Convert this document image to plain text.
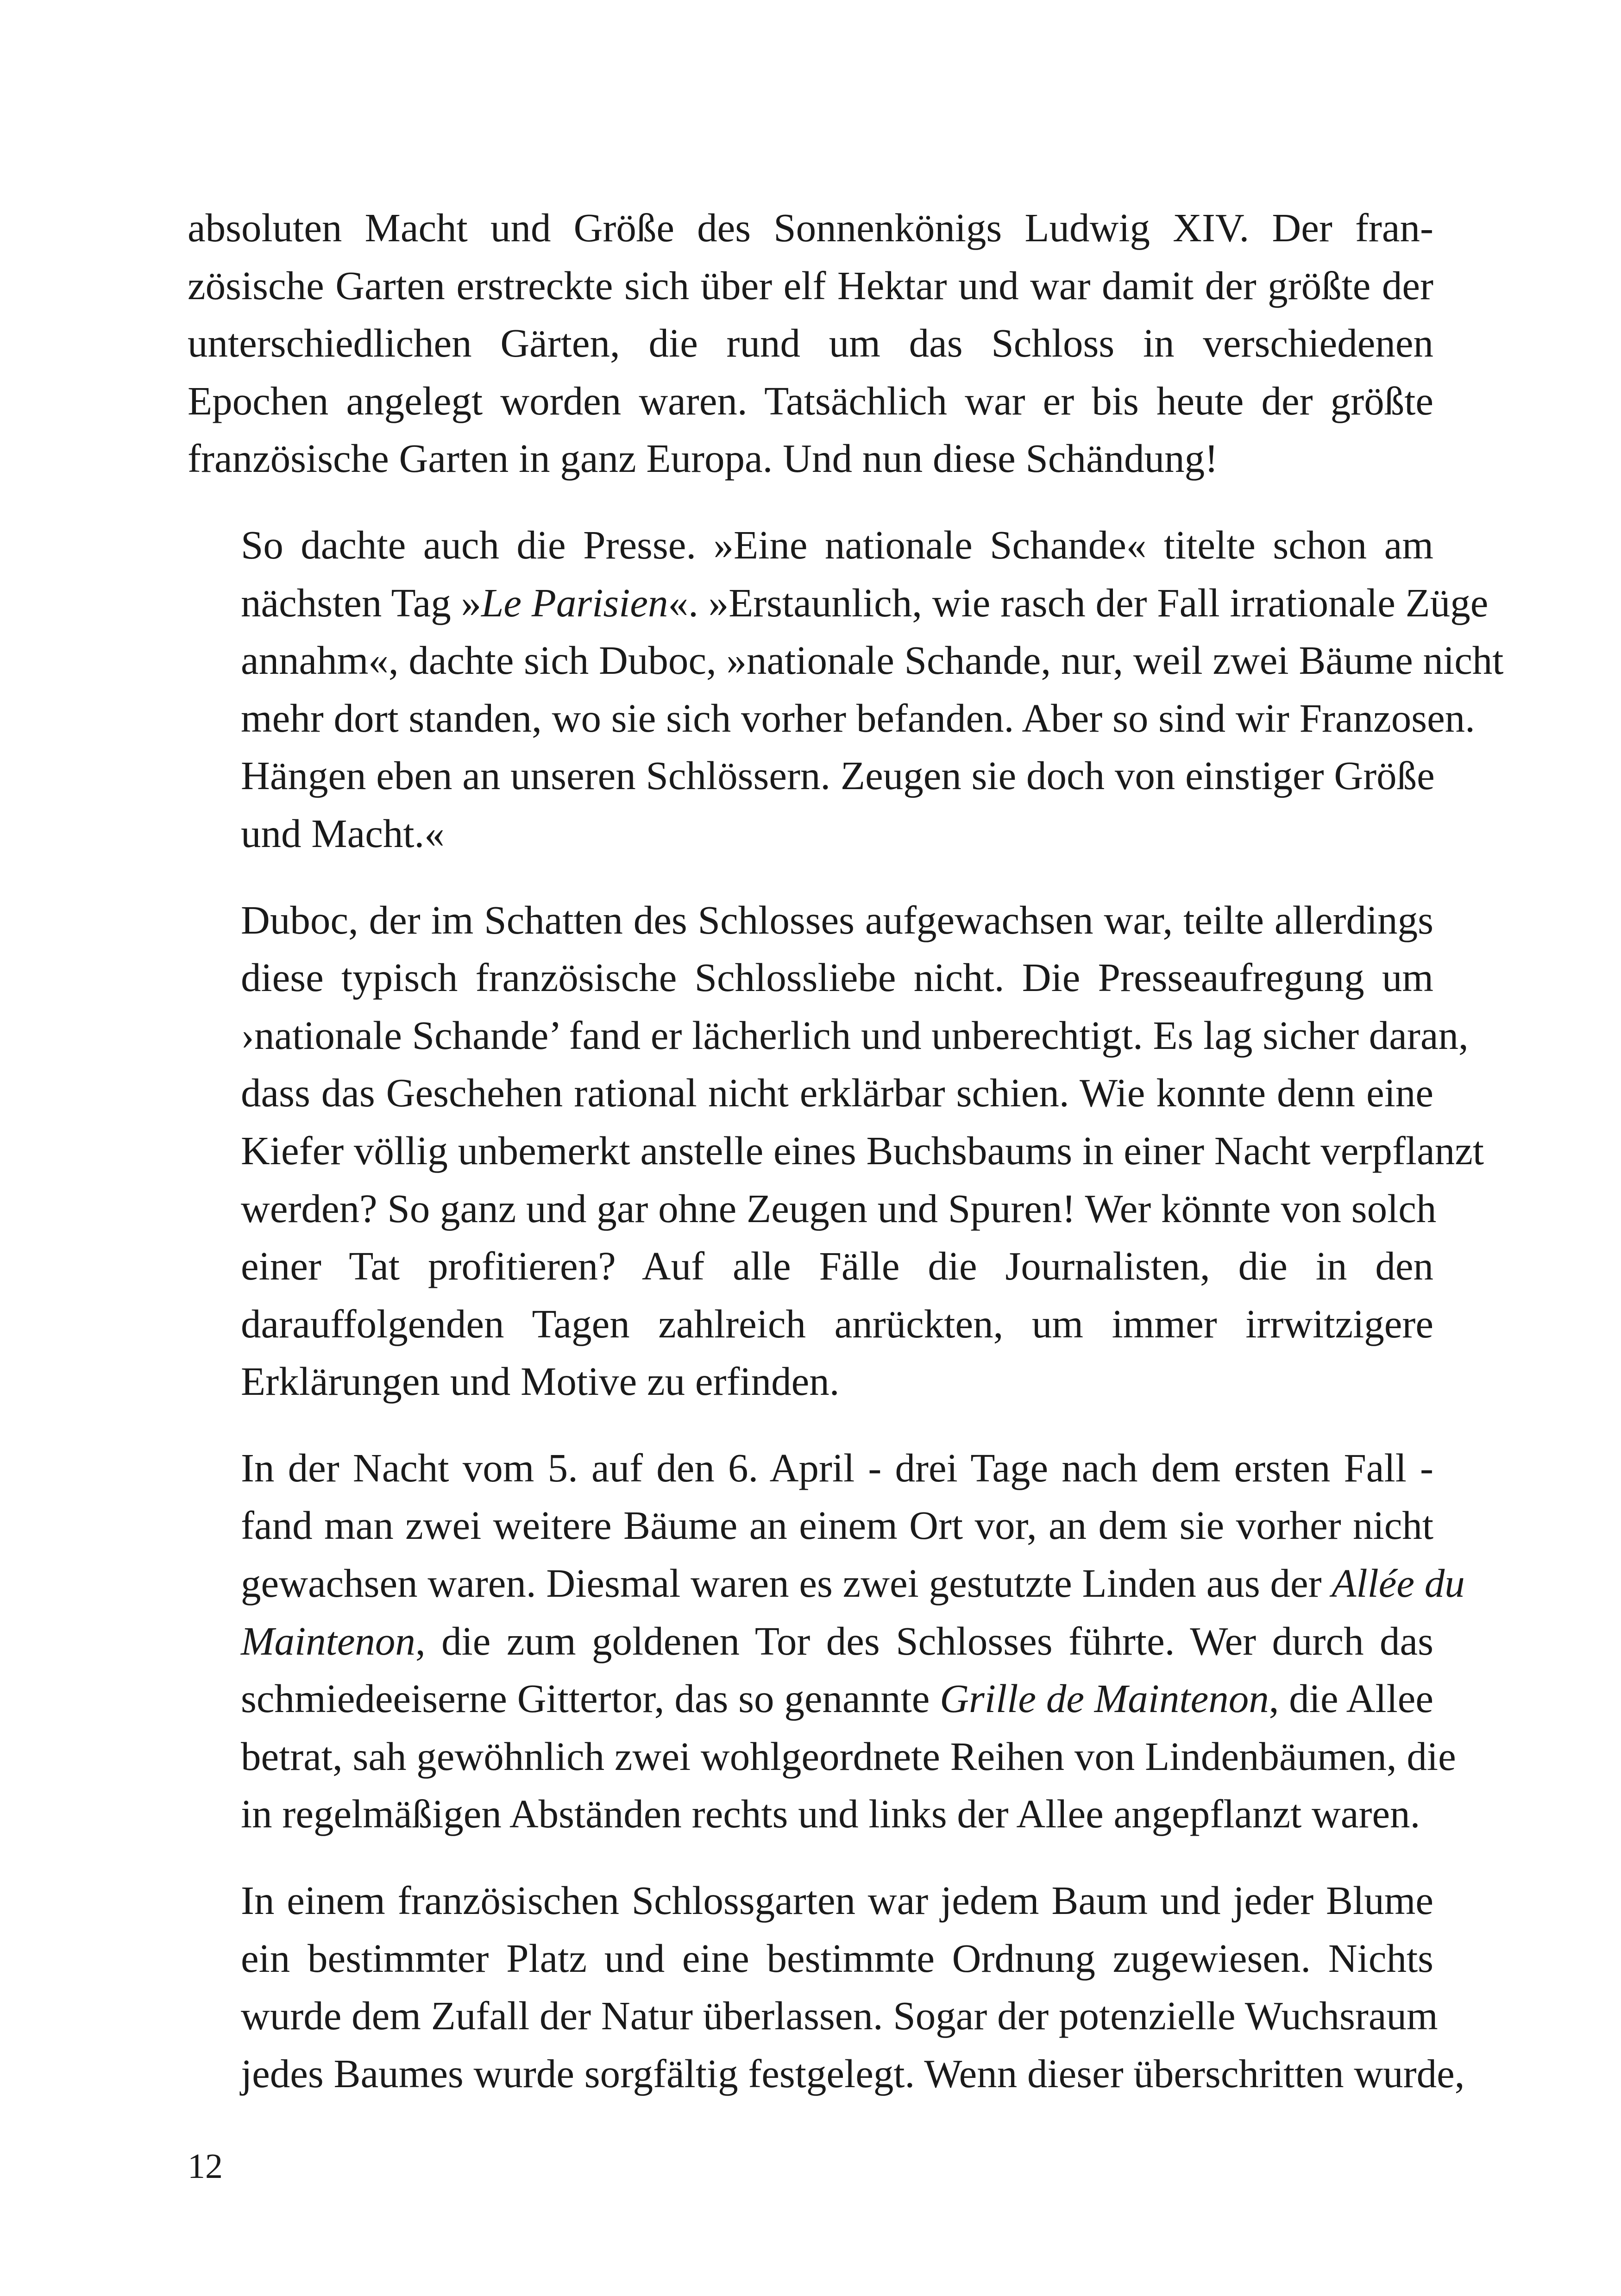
absoluten Macht und Größe des Sonnenkönigs Ludwig XIV. Der fran-
zösische Garten erstreckte sich über elf Hektar und war damit der größte der
unterschiedlichen Gärten, die rund um das Schloss in verschiedenen
Epochen angelegt worden waren. Tatsächlich war er bis heute der größte
französische Garten in ganz Europa. Und nun diese Schändung!

So dachte auch die Presse. »Eine nationale Schande« titelte schon am
nächsten Tag »Le Parisien«. »Erstaunlich, wie rasch der Fall irrationale Züge
annahm«, dachte sich Duboc, »nationale Schande, nur, weil zwei Bäume nicht
mehr dort standen, wo sie sich vorher befanden. Aber so sind wir Franzosen.
Hängen eben an unseren Schlössern. Zeugen sie doch von einstiger Größe
und Macht.«

Duboc, der im Schatten des Schlosses aufgewachsen war, teilte allerdings
diese typisch französische Schlossliebe nicht. Die Presseaufregung um
›nationale Schande’ fand er lächerlich und unberechtigt. Es lag sicher daran,
dass das Geschehen rational nicht erklärbar schien. Wie konnte denn eine
Kiefer völlig unbemerkt anstelle eines Buchsbaums in einer Nacht verpflanzt
werden? So ganz und gar ohne Zeugen und Spuren! Wer könnte von solch
einer Tat profitieren? Auf alle Fälle die Journalisten, die in den
darauffolgenden Tagen zahlreich anrückten, um immer irrwitzigere
Erklärungen und Motive zu erfinden.

In der Nacht vom 5. auf den 6. April - drei Tage nach dem ersten Fall -
fand man zwei weitere Bäume an einem Ort vor, an dem sie vorher nicht
gewachsen waren. Diesmal waren es zwei gestutzte Linden aus der Allée du
Maintenon, die zum goldenen Tor des Schlosses führte. Wer durch das
schmiedeeiserne Gittertor, das so genannte Grille de Maintenon, die Allee
betrat, sah gewöhnlich zwei wohlgeordnete Reihen von Lindenbäumen, die
in regelmäßigen Abständen rechts und links der Allee angepflanzt waren.

In einem französischen Schlossgarten war jedem Baum und jeder Blume
ein bestimmter Platz und eine bestimmte Ordnung zugewiesen. Nichts
wurde dem Zufall der Natur überlassen. Sogar der potenzielle Wuchsraum
jedes Baumes wurde sorgfältig festgelegt. Wenn dieser überschritten wurde,

12
